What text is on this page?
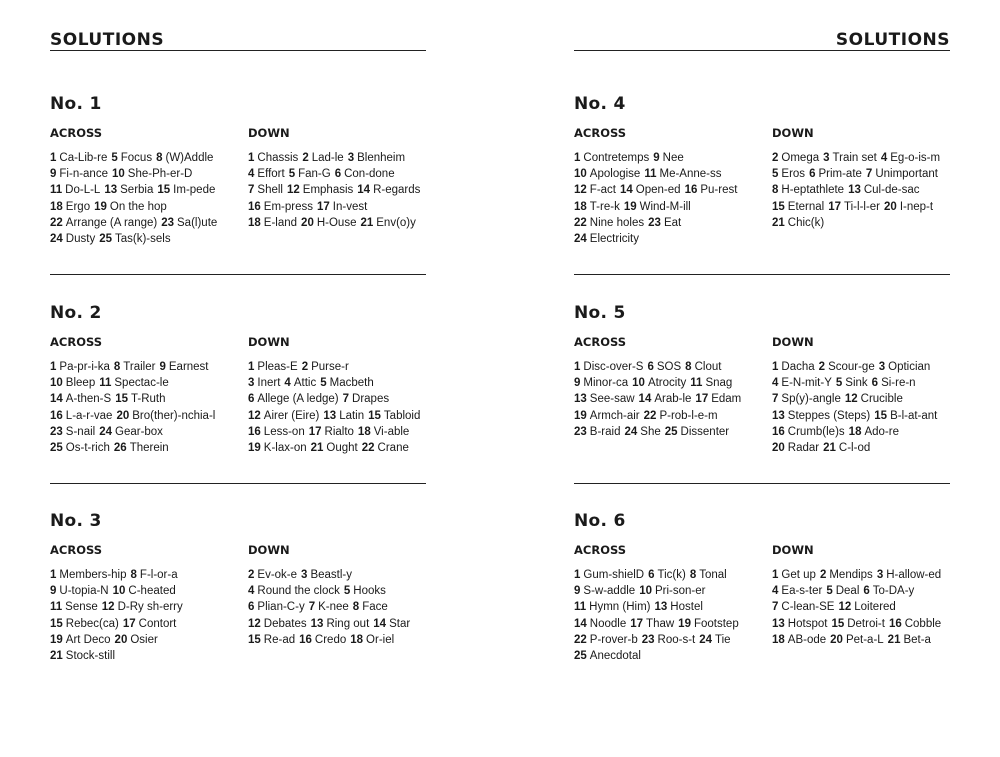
SOLUTIONS
No. 1
ACROSS
1 Ca-Lib-re 5 Focus 8 (W)Addle
9 Fi-n-ance 10 She-Ph-er-D
11 Do-L-L 13 Serbia 15 Im-pede
18 Ergo 19 On the hop
22 Arrange (A range) 23 Sa(l)ute
24 Dusty 25 Tas(k)-sels
DOWN
1 Chassis 2 Lad-le 3 Blenheim
4 Effort 5 Fan-G 6 Con-done
7 Shell 12 Emphasis 14 R-egards
16 Em-press 17 In-vest
18 E-land 20 H-Ouse 21 Env(o)y
No. 2
ACROSS
1 Pa-pr-i-ka 8 Trailer 9 Earnest
10 Bleep 11 Spectac-le
14 A-then-S 15 T-Ruth
16 L-a-r-vae 20 Bro(ther)-nchia-l
23 S-nail 24 Gear-box
25 Os-t-rich 26 Therein
DOWN
1 Pleas-E 2 Purse-r
3 Inert 4 Attic 5 Macbeth
6 Allege (A ledge) 7 Drapes
12 Airer (Eire) 13 Latin 15 Tabloid
16 Less-on 17 Rialto 18 Vi-able
19 K-lax-on 21 Ought 22 Crane
No. 3
ACROSS
1 Members-hip 8 F-l-or-a
9 U-topia-N 10 C-heated
11 Sense 12 D-Ry sh-erry
15 Rebec(ca) 17 Contort
19 Art Deco 20 Osier
21 Stock-still
DOWN
2 Ev-ok-e 3 Beastl-y
4 Round the clock 5 Hooks
6 Plian-C-y 7 K-nee 8 Face
12 Debates 13 Ring out 14 Star
15 Re-ad 16 Credo 18 Or-iel
SOLUTIONS
No. 4
ACROSS
1 Contretemps 9 Nee
10 Apologise 11 Me-Anne-ss
12 F-act 14 Open-ed 16 Pu-rest
18 T-re-k 19 Wind-M-ill
22 Nine holes 23 Eat
24 Electricity
DOWN
2 Omega 3 Train set 4 Eg-o-is-m
5 Eros 6 Prim-ate 7 Unimportant
8 H-eptathlete 13 Cul-de-sac
15 Eternal 17 Ti-l-l-er 20 I-nep-t
21 Chic(k)
No. 5
ACROSS
1 Disc-over-S 6 SOS 8 Clout
9 Minor-ca 10 Atrocity 11 Snag
13 See-saw 14 Arab-le 17 Edam
19 Armch-air 22 P-rob-l-e-m
23 B-raid 24 She 25 Dissenter
DOWN
1 Dacha 2 Scour-ge 3 Optician
4 E-N-mit-Y 5 Sink 6 Si-re-n
7 Sp(y)-angle 12 Crucible
13 Steppes (Steps) 15 B-l-at-ant
16 Crumb(le)s 18 Ado-re
20 Radar 21 C-l-od
No. 6
ACROSS
1 Gum-shielD 6 Tic(k) 8 Tonal
9 S-w-addle 10 Pri-son-er
11 Hymn (Him) 13 Hostel
14 Noodle 17 Thaw 19 Footstep
22 P-rover-b 23 Roo-s-t 24 Tie
25 Anecdotal
DOWN
1 Get up 2 Mendips 3 H-allow-ed
4 Ea-s-ter 5 Deal 6 To-DA-y
7 C-lean-SE 12 Loitered
13 Hotspot 15 Detroi-t 16 Cobble
18 AB-ode 20 Pet-a-L 21 Bet-a
